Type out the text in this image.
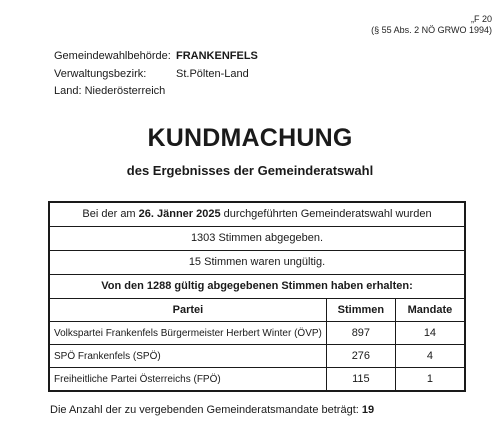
„F 20
(§ 55 Abs. 2 NÖ GRWO 1994)
Gemeindewahlbehörde: FRANKENFELS
Verwaltungsbezirk:	St.Pölten-Land
Land: Niederösterreich
KUNDMACHUNG
des Ergebnisses der Gemeinderatswahl
Bei der am 26. Jänner 2025 durchgeführten Gemeinderatswahl wurden
1303 Stimmen abgegeben.
15 Stimmen waren ungültig.
Von den 1288 gültig abgegebenen Stimmen haben erhalten:
Partei	Stimmen	Mandate
Volkspartei Frankenfels Bürgermeister Herbert Winter (ÖVP)	897	14
SPÖ Frankenfels (SPÖ)	276	4
Freiheitliche Partei Österreichs (FPÖ)	115	1
Die Anzahl der zu vergebenden Gemeinderatsmandate beträgt: 19
